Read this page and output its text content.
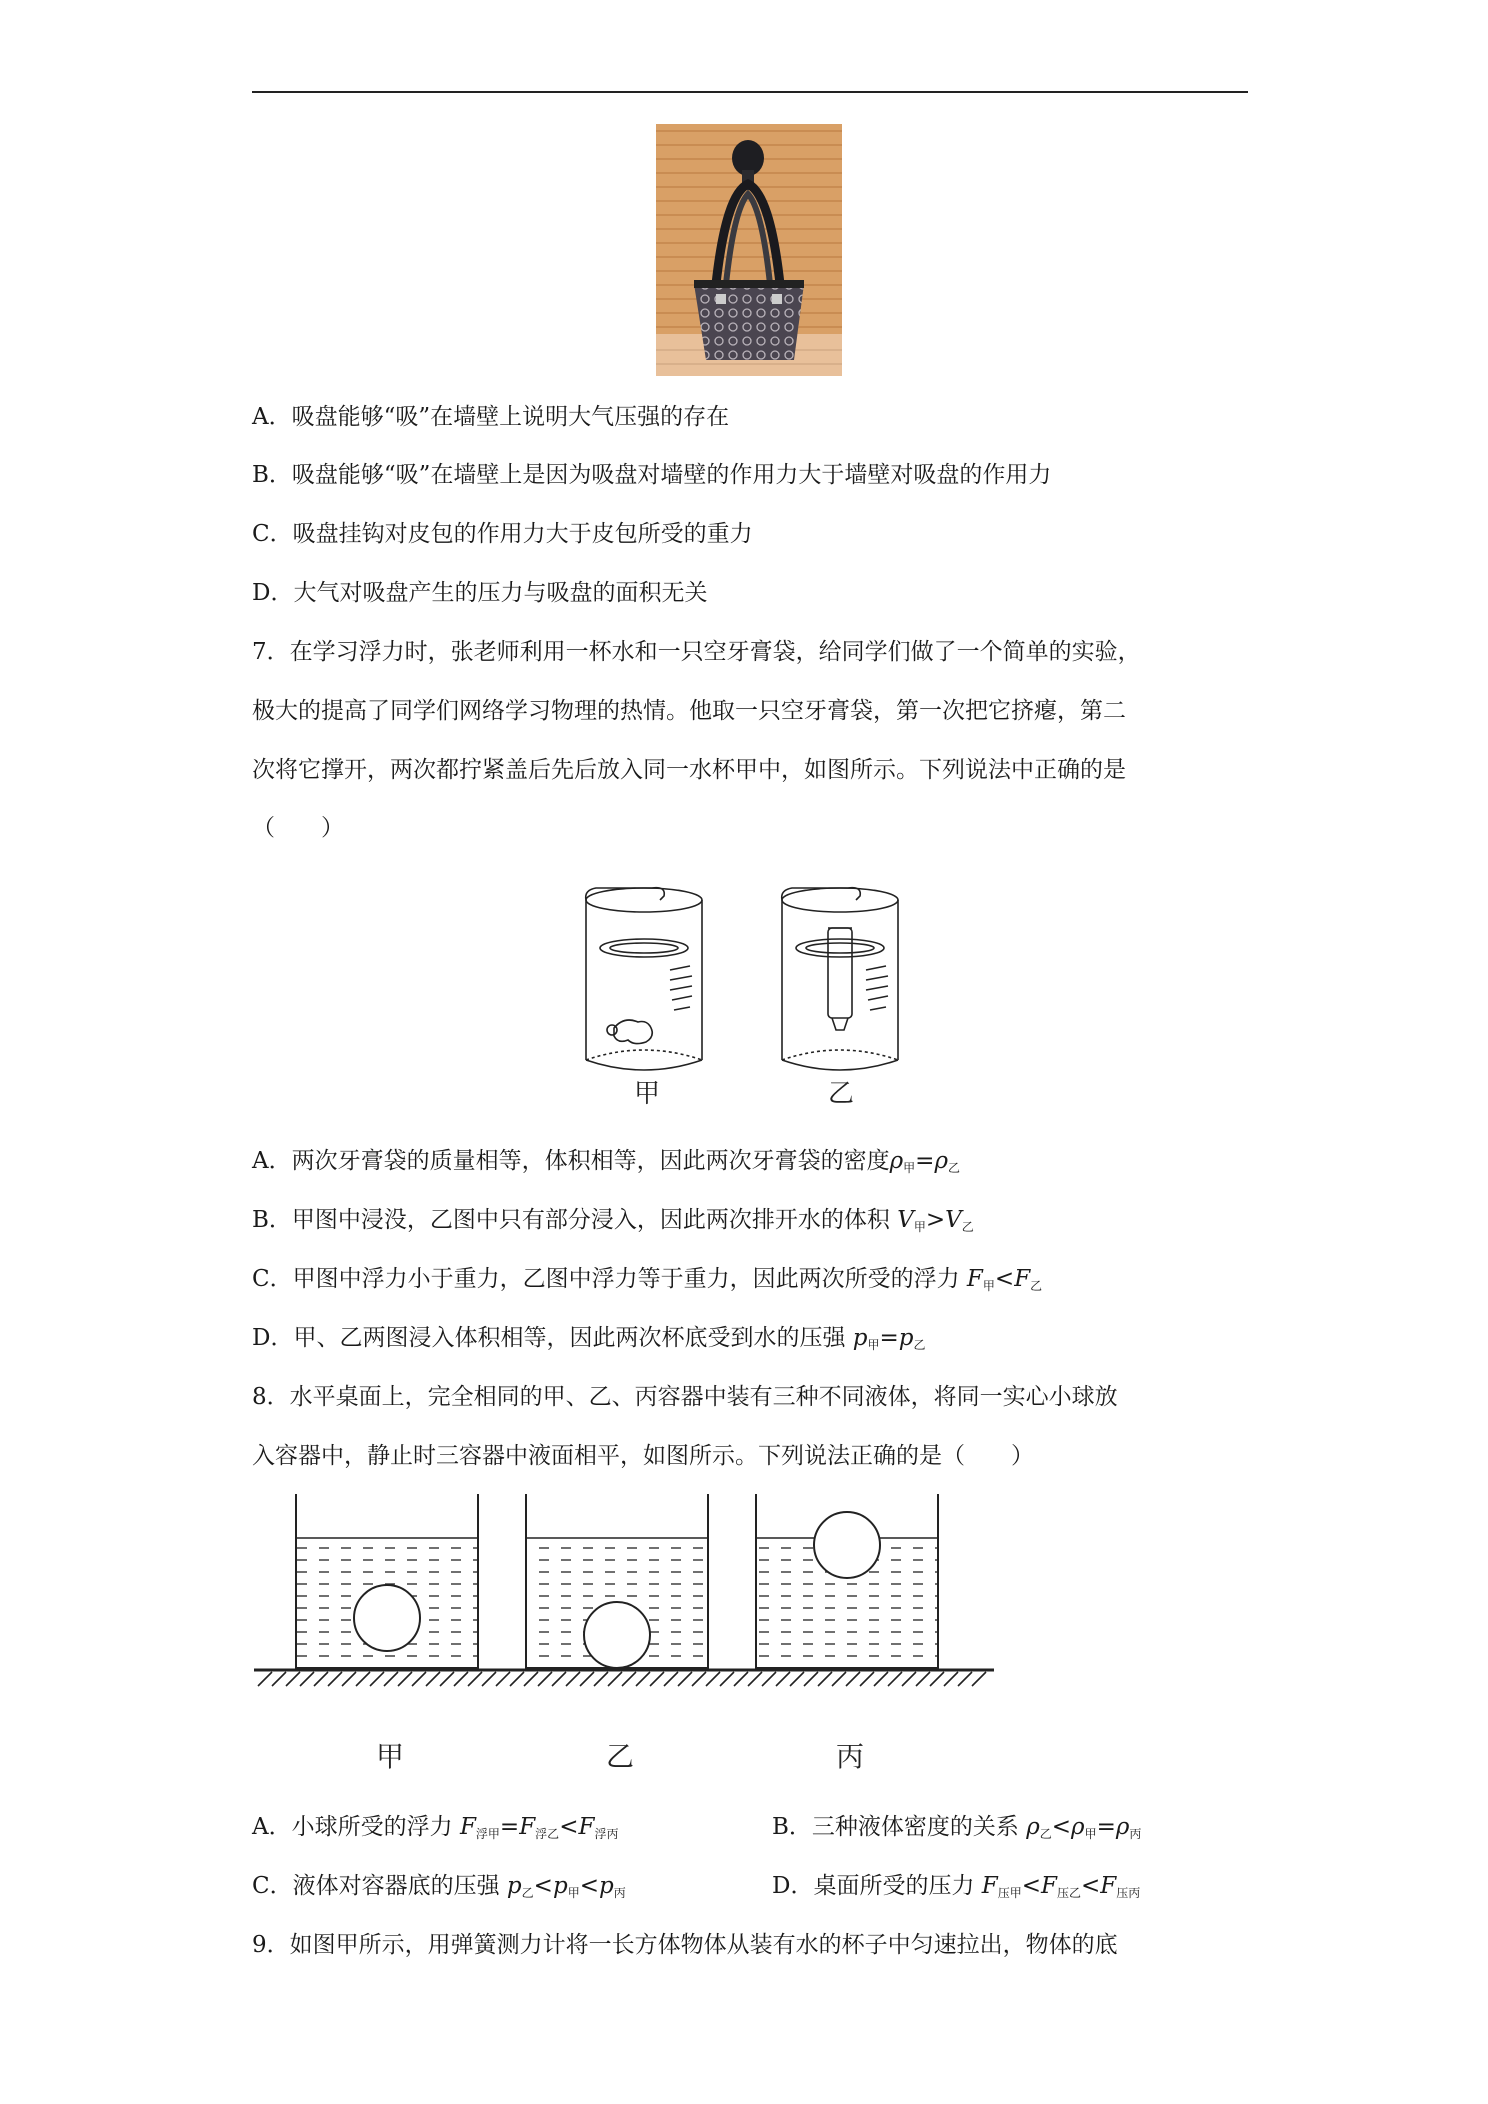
A．吸盘能够“吸”在墙壁上说明大气压强的存在
B．吸盘能够“吸”在墙壁上是因为吸盘对墙壁的作用力大于墙壁对吸盘的作用力
C．吸盘挂钩对皮包的作用力大于皮包所受的重力
D．大气对吸盘产生的压力与吸盘的面积无关
7．在学习浮力时，张老师利用一杯水和一只空牙膏袋，给同学们做了一个简单的实验，
极大的提高了同学们网络学习物理的热情。他取一只空牙膏袋，第一次把它挤瘪，第二
次将它撑开，两次都拧紧盖后先后放入同一水杯甲中，如图所示。下列说法中正确的是
（　　）
甲	乙
A．两次牙膏袋的质量相等，体积相等，因此两次牙膏袋的密度$\rho_甲=\rho_乙$
B．甲图中浸没，乙图中只有部分浸入，因此两次排开水的体积 $V_甲>V_乙$
C．甲图中浮力小于重力，乙图中浮力等于重力，因此两次所受的浮力 $F_甲<F_乙$
D．甲、乙两图浸入体积相等，因此两次杯底受到水的压强 $p_甲=p_乙$
8．水平桌面上，完全相同的甲、乙、丙容器中装有三种不同液体，将同一实心小球放
入容器中，静止时三容器中液面相平，如图所示。下列说法正确的是（　　）
甲	乙	丙
A．小球所受的浮力 $F_{浮甲}=F_{浮乙}<F_{浮丙}$	B．三种液体密度的关系 $\rho_乙<\rho_甲=\rho_丙$
C．液体对容器底的压强 $p_乙<p_甲<p_丙$	D．桌面所受的压力 $F_{压甲}<F_{压乙}<F_{压丙}$
9．如图甲所示，用弹簧测力计将一长方体物体从装有水的杯子中匀速拉出，物体的底
